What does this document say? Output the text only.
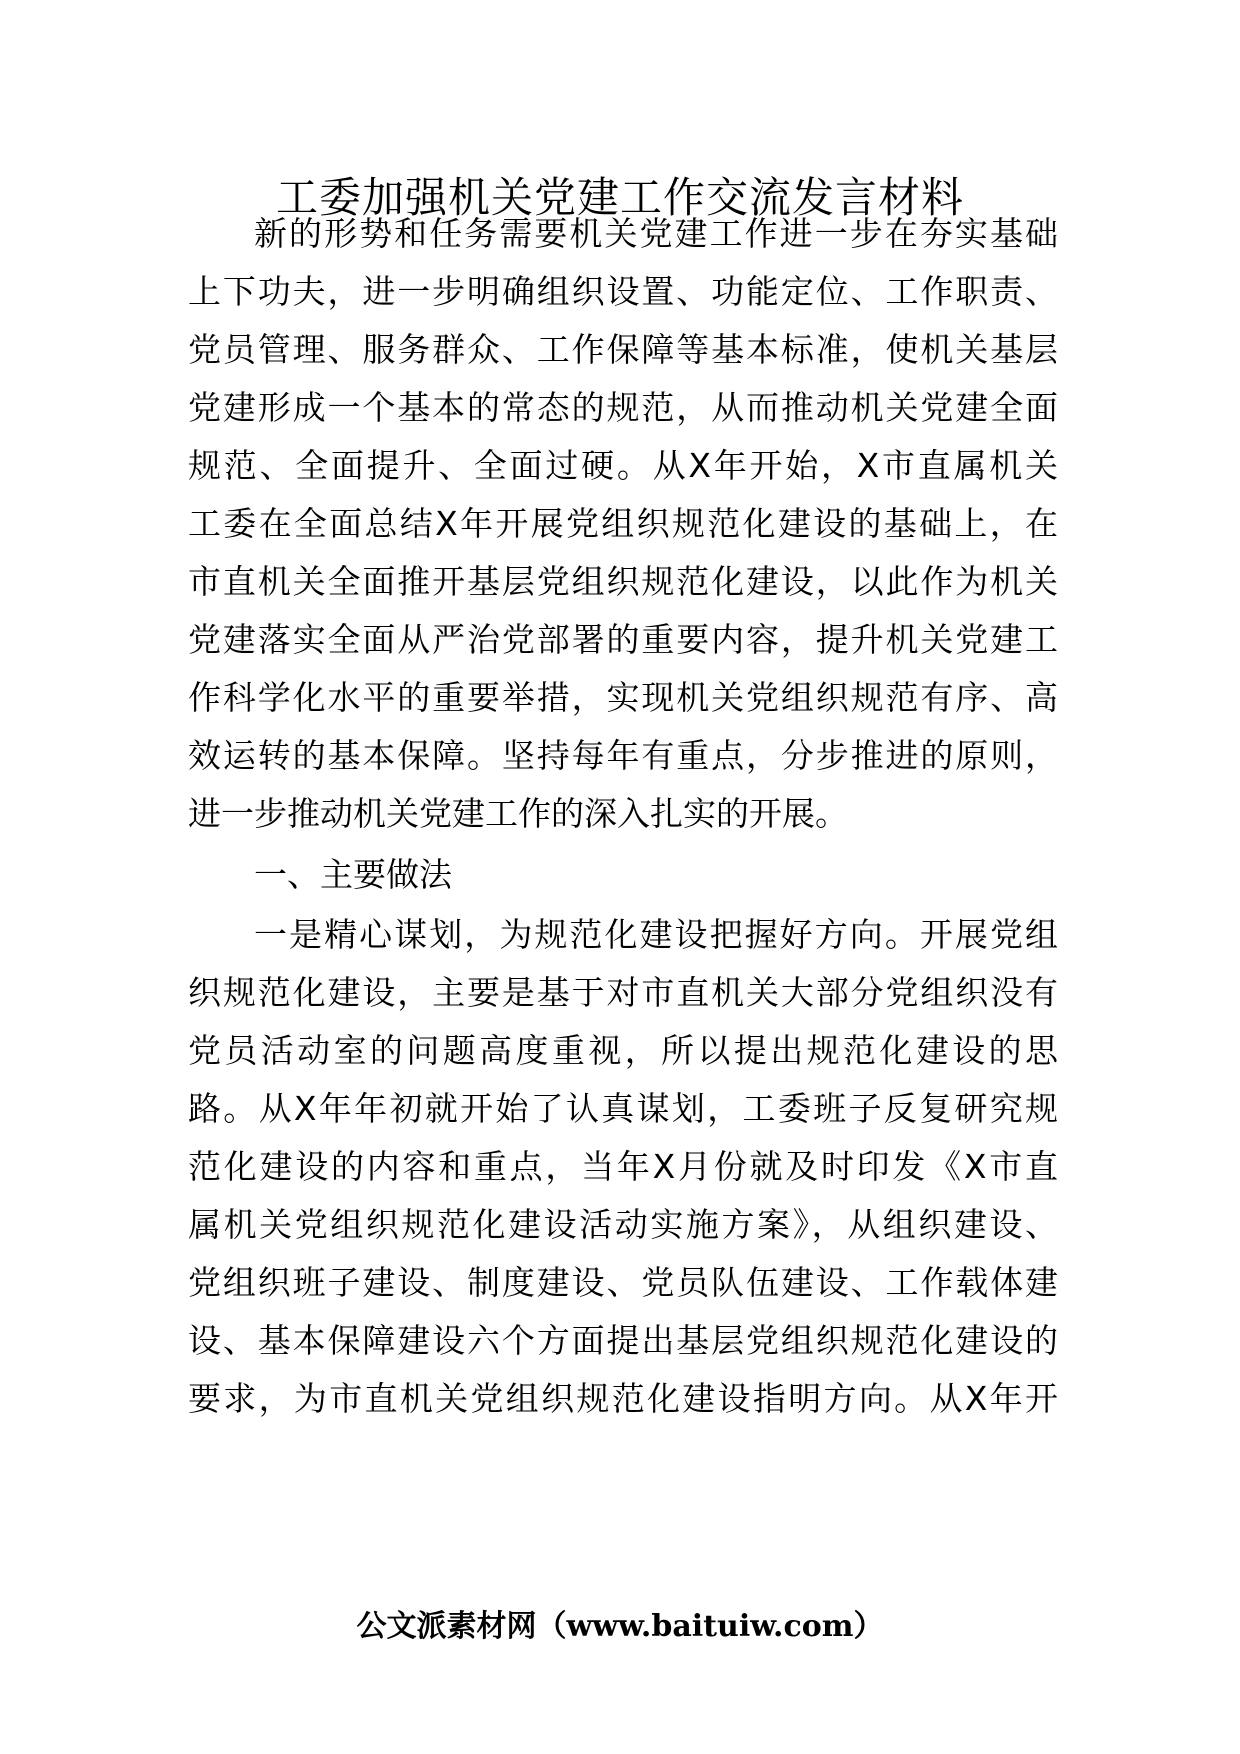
工委加强机关党建工作交流发言材料

新的形势和任务需要机关党建工作进一步在夯实基础

上下功夫，进一步明确组织设置、功能定位、工作职责、

党员管理、服务群众、工作保障等基本标准，使机关基层

党建形成一个基本的常态的规范，从而推动机关党建全面

规范、全面提升、全面过硬。从X年开始，X市直属机关

工委在全面总结X年开展党组织规范化建设的基础上，在

市直机关全面推开基层党组织规范化建设，以此作为机关

党建落实全面从严治党部署的重要内容，提升机关党建工

作科学化水平的重要举措，实现机关党组织规范有序、高

效运转的基本保障。坚持每年有重点，分步推进的原则，

进一步推动机关党建工作的深入扎实的开展。

一、主要做法

一是精心谋划，为规范化建设把握好方向。开展党组

织规范化建设，主要是基于对市直机关大部分党组织没有

党员活动室的问题高度重视，所以提出规范化建设的思

路。从X年年初就开始了认真谋划，工委班子反复研究规

范化建设的内容和重点，当年X月份就及时印发《X市直

属机关党组织规范化建设活动实施方案》，从组织建设、

党组织班子建设、制度建设、党员队伍建设、工作载体建

设、基本保障建设六个方面提出基层党组织规范化建设的

要求，为市直机关党组织规范化建设指明方向。从X年开

公文派素材网（www.baituiw.com）
